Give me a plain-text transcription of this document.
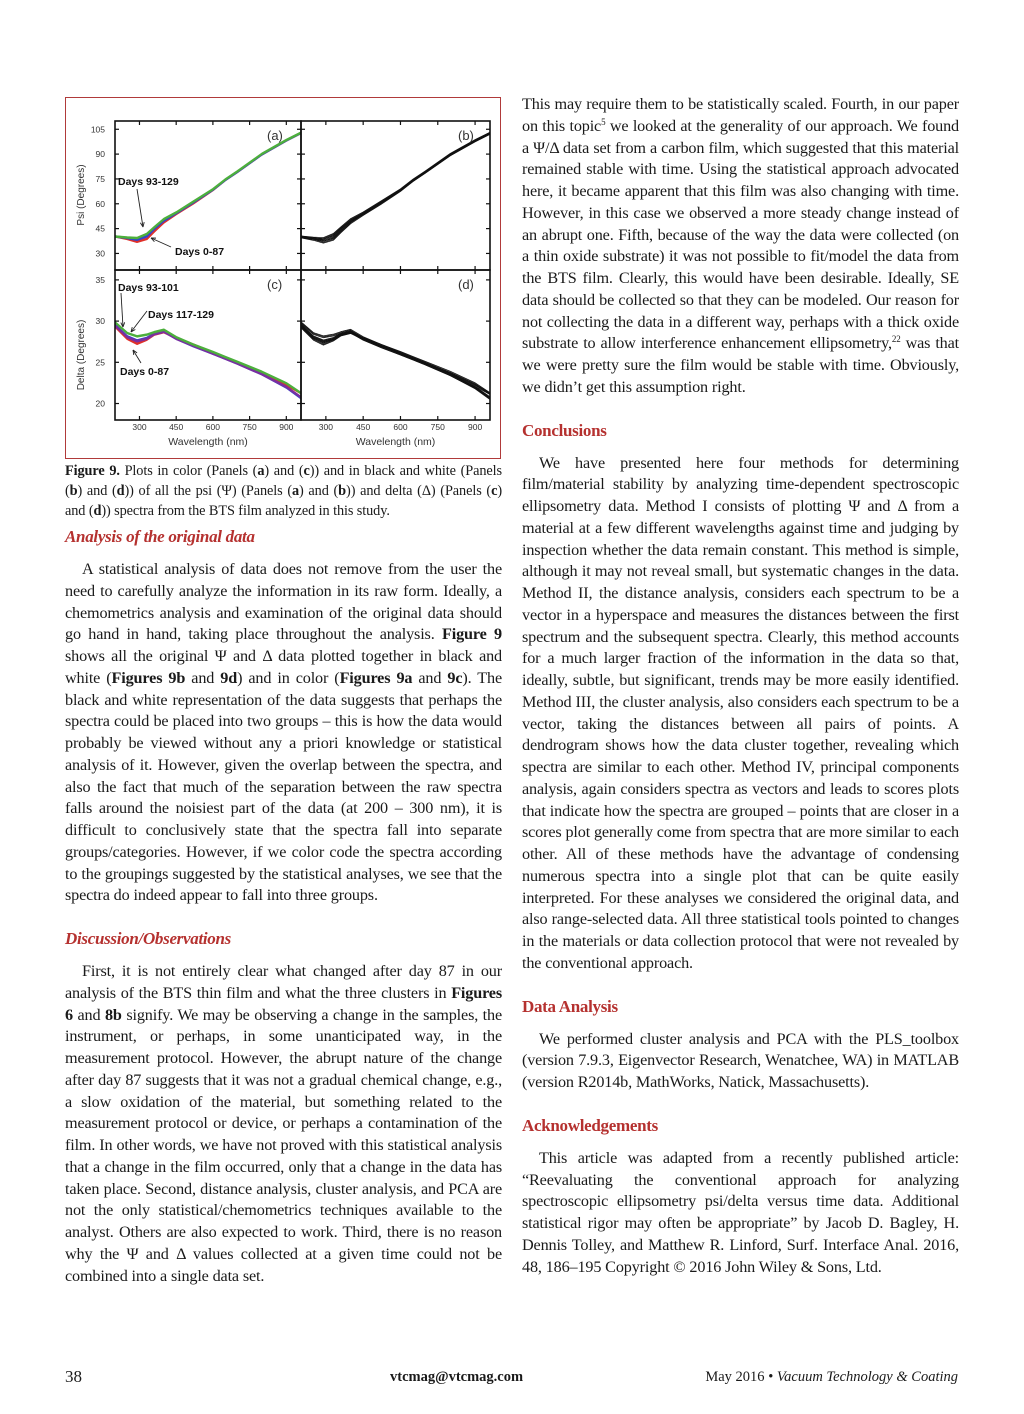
30
45
60
75
90
105	(a)	(b)
20
25
30
35
300	450	600	750	900
(c)
300	450	600	750	900
(d)
Wavelength (nm)	Wavelength (nm)
Psi (Degrees)
Delta (Degrees)
Days 93-129
Days 0-87
Days 93-101
Days 117-129
Days 0-87

Figure 9. Plots in color (Panels (a) and (c)) and in black and white (Panels (b) and (d)) of all the psi (Ψ) (Panels (a) and (b)) and delta (Δ) (Panels (c) and (d)) spectra from the BTS film analyzed in this study.

Analysis of the original data

A statistical analysis of data does not remove from the user the need to carefully analyze the information in its raw form. Ideally, a chemometrics analysis and examination of the original data should go hand in hand, taking place throughout the analysis. Figure 9 shows all the original Ψ and Δ data plotted together in black and white (Figures 9b and 9d) and in color (Figures 9a and 9c). The black and white representation of the data suggests that perhaps the spectra could be placed into two groups – this is how the data would probably be viewed without any a priori knowledge or statistical analysis of it. However, given the overlap between the spectra, and also the fact that much of the separation between the raw spectra falls around the noisiest part of the data (at 200 – 300 nm), it is difficult to conclusively state that the spectra fall into separate groups/categories. However, if we color code the spectra according to the groupings suggested by the statistical analyses, we see that the spectra do indeed appear to fall into three groups.

Discussion/Observations

First, it is not entirely clear what changed after day 87 in our analysis of the BTS thin film and what the three clusters in Figures 6 and 8b signify. We may be observing a change in the samples, the instrument, or perhaps, in some unanticipated way, in the measurement protocol. However, the abrupt nature of the change after day 87 suggests that it was not a gradual chemical change, e.g., a slow oxidation of the material, but something related to the measurement protocol or device, or perhaps a contamination of the film. In other words, we have not proved with this statistical analysis that a change in the film occurred, only that a change in the data has taken place. Second, distance analysis, cluster analysis, and PCA are not the only statistical/chemometrics techniques available to the analyst. Others are also expected to work. Third, there is no reason why the Ψ and Δ values collected at a given time could not be combined into a single data set.

This may require them to be statistically scaled. Fourth, in our paper on this topic$^5$ we looked at the generality of our approach. We found a Ψ/Δ data set from a carbon film, which suggested that this material remained stable with time. Using the statistical approach advocated here, it became apparent that this film was also changing with time. However, in this case we observed a more steady change instead of an abrupt one. Fifth, because of the way the data were collected (on a thin oxide substrate) it was not possible to fit/model the data from the BTS film. Clearly, this would have been desirable. Ideally, SE data should be collected so that they can be modeled. Our reason for not collecting the data in a different way, perhaps with a thick oxide substrate to allow interference enhancement ellipsometry,$^{22}$ was that we were pretty sure the film would be stable with time. Obviously, we didn’t get this assumption right.

Conclusions

We have presented here four methods for determining film/material stability by analyzing time-dependent spectroscopic ellipsometry data. Method I consists of plotting Ψ and Δ from a material at a few different wavelengths against time and judging by inspection whether the data remain constant. This method is simple, although it may not reveal small, but systematic changes in the data. Method II, the distance analysis, considers each spectrum to be a vector in a hyperspace and measures the distances between the first spectrum and the subsequent spectra. Clearly, this method accounts for a much larger fraction of the information in the data so that, ideally, subtle, but significant, trends may be more easily identified. Method III, the cluster analysis, also considers each spectrum to be a vector, taking the distances between all pairs of points. A dendrogram shows how the data cluster together, revealing which spectra are similar to each other. Method IV, principal components analysis, again considers spectra as vectors and leads to scores plots that indicate how the spectra are grouped – points that are closer in a scores plot generally come from spectra that are more similar to each other. All of these methods have the advantage of condensing numerous spectra into a single plot that can be quite easily interpreted. For these analyses we considered the original data, and also range-selected data. All three statistical tools pointed to changes in the materials or data collection protocol that were not revealed by the conventional approach.

Data Analysis

We performed cluster analysis and PCA with the PLS_toolbox (version 7.9.3, Eigenvector Research, Wenatchee, WA) in MATLAB (version R2014b, MathWorks, Natick, Massachusetts).

Acknowledgements

This article was adapted from a recently published article: “Reevaluating the conventional approach for analyzing spectroscopic ellipsometry psi/delta versus time data. Additional statistical rigor may often be appropriate” by Jacob D. Bagley, H. Dennis Tolley, and Matthew R. Linford, Surf. Interface Anal. 2016, 48, 186–195 Copyright © 2016 John Wiley & Sons, Ltd.

38	vtcmag@vtcmag.com	May 2016 • Vacuum Technology & Coating
